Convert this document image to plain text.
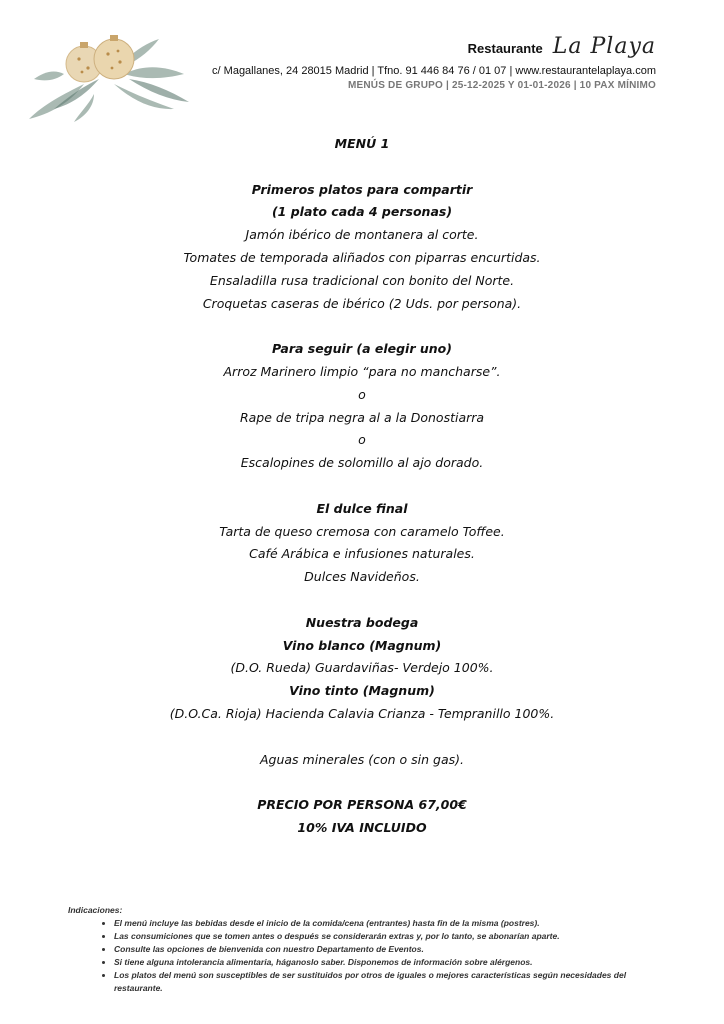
Restaurante La Playa
c/ Magallanes, 24 28015 Madrid | Tfno. 91 446 84 76 / 01 07 | www.restaurantelaplaya.com
MENÚS DE GRUPO | 25-12-2025 Y 01-01-2026 | 10 PAX MÍNIMO
MENÚ 1
Primeros platos para compartir
(1 plato cada 4 personas)
Jamón ibérico de montanera al corte.
Tomates de temporada aliñados con piparras encurtidas.
Ensaladilla rusa tradicional con bonito del Norte.
Croquetas caseras de ibérico (2 Uds. por persona).
Para seguir (a elegir uno)
Arroz Marinero limpio “para no mancharse”.
o
Rape de tripa negra al a la Donostiarra
o
Escalopines de solomillo al ajo dorado.
El dulce final
Tarta de queso cremosa con caramelo Toffee.
Café Arábica e infusiones naturales.
Dulces Navideños.
Nuestra bodega
Vino blanco (Magnum)
(D.O. Rueda) Guardaviñas- Verdejo 100%.
Vino tinto (Magnum)
(D.O.Ca. Rioja) Hacienda Calavia Crianza - Tempranillo 100%.
Aguas minerales (con o sin gas).
PRECIO POR PERSONA 67,00€
10% IVA INCLUIDO
Indicaciones:
• El menú incluye las bebidas desde el inicio de la comida/cena (entrantes) hasta fin de la misma (postres).
• Las consumiciones que se tomen antes o después se considerarán extras y, por lo tanto, se abonarían aparte.
• Consulte las opciones de bienvenida con nuestro Departamento de Eventos.
• Si tiene alguna intolerancia alimentaria, háganoslo saber. Disponemos de información sobre alérgenos.
• Los platos del menú son susceptibles de ser sustituidos por otros de iguales o mejores características según necesidades del restaurante.
